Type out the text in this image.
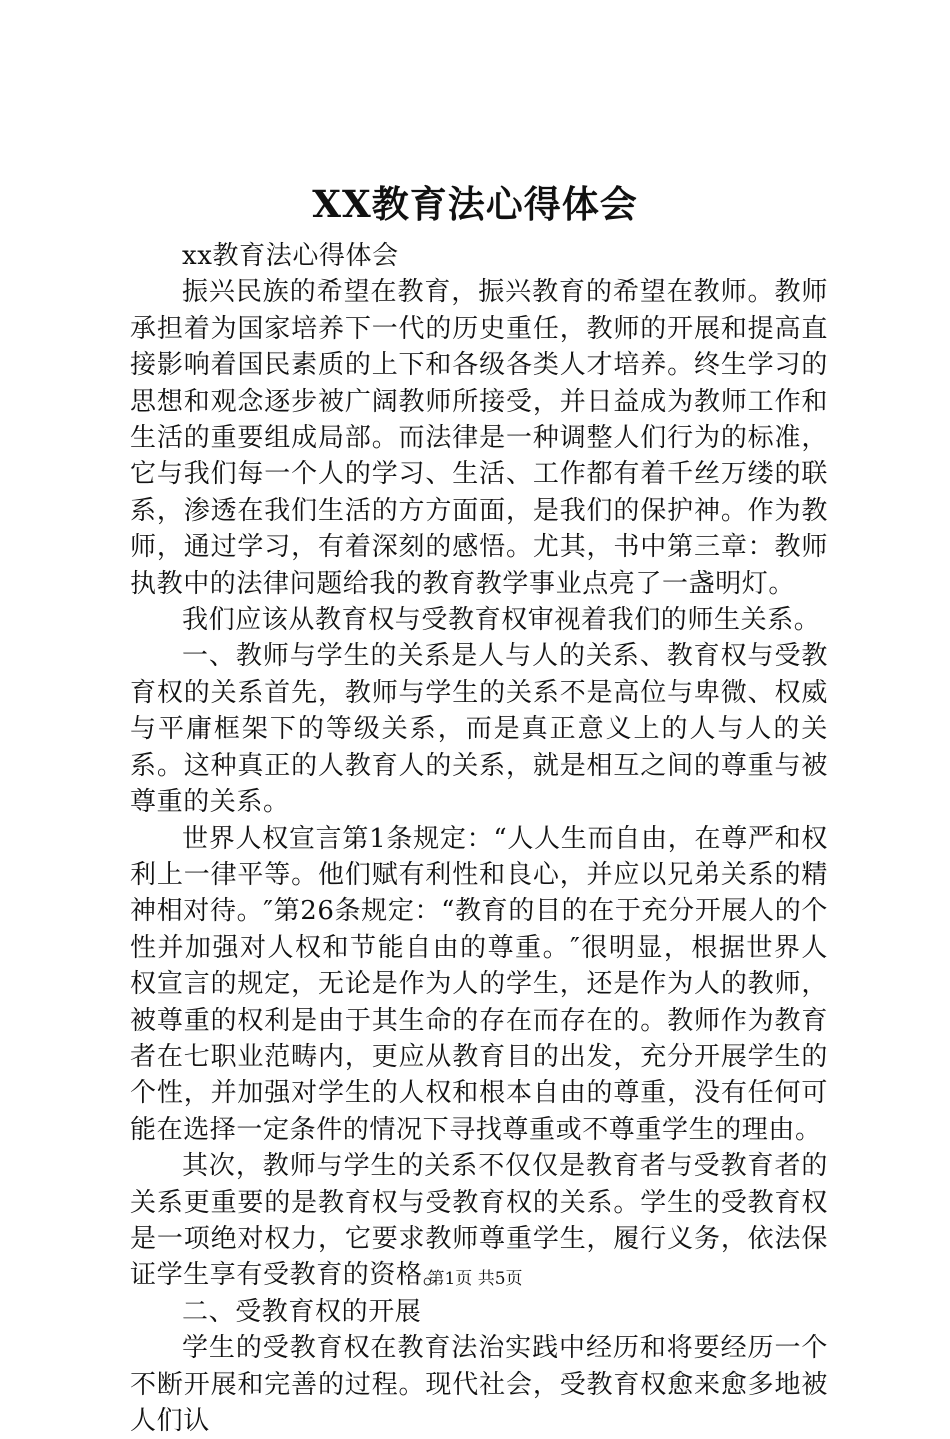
XX教育法心得体会

xx教育法心得体会

振兴民族的希望在教育，振兴教育的希望在教师。教师承担着为国家培养下一代的历史重任，教师的开展和提高直接影响着国民素质的上下和各级各类人才培养。终生学习的思想和观念逐步被广阔教师所接受，并日益成为教师工作和生活的重要组成局部。而法律是一种调整人们行为的标准，它与我们每一个人的学习、生活、工作都有着千丝万缕的联系，渗透在我们生活的方方面面，是我们的保护神。作为教师，通过学习，有着深刻的感悟。尤其，书中第三章：教师执教中的法律问题给我的教育教学事业点亮了一盏明灯。

我们应该从教育权与受教育权审视着我们的师生关系。

一、教师与学生的关系是人与人的关系、教育权与受教育权的关系首先，教师与学生的关系不是高位与卑微、权威与平庸框架下的等级关系，而是真正意义上的人与人的关系。这种真正的人教育人的关系，就是相互之间的尊重与被尊重的关系。

世界人权宣言第1条规定：“人人生而自由，在尊严和权利上一律平等。他们赋有利性和良心，并应以兄弟关系的精神相对待。″第26条规定：“教育的目的在于充分开展人的个性并加强对人权和节能自由的尊重。″很明显，根据世界人权宣言的规定，无论是作为人的学生，还是作为人的教师，被尊重的权利是由于其生命的存在而存在的。教师作为教育者在七职业范畴内，更应从教育目的出发，充分开展学生的个性，并加强对学生的人权和根本自由的尊重，没有任何可能在选择一定条件的情况下寻找尊重或不尊重学生的理由。

其次，教师与学生的关系不仅仅是教育者与受教育者的关系更重要的是教育权与受教育权的关系。学生的受教育权是一项绝对权力，它要求教师尊重学生，履行义务，依法保证学生享有受教育的资格。

二、受教育权的开展

学生的受教育权在教育法治实践中经历和将要经历一个不断开展和完善的过程。现代社会，受教育权愈来愈多地被人们认

第1页 共5页
